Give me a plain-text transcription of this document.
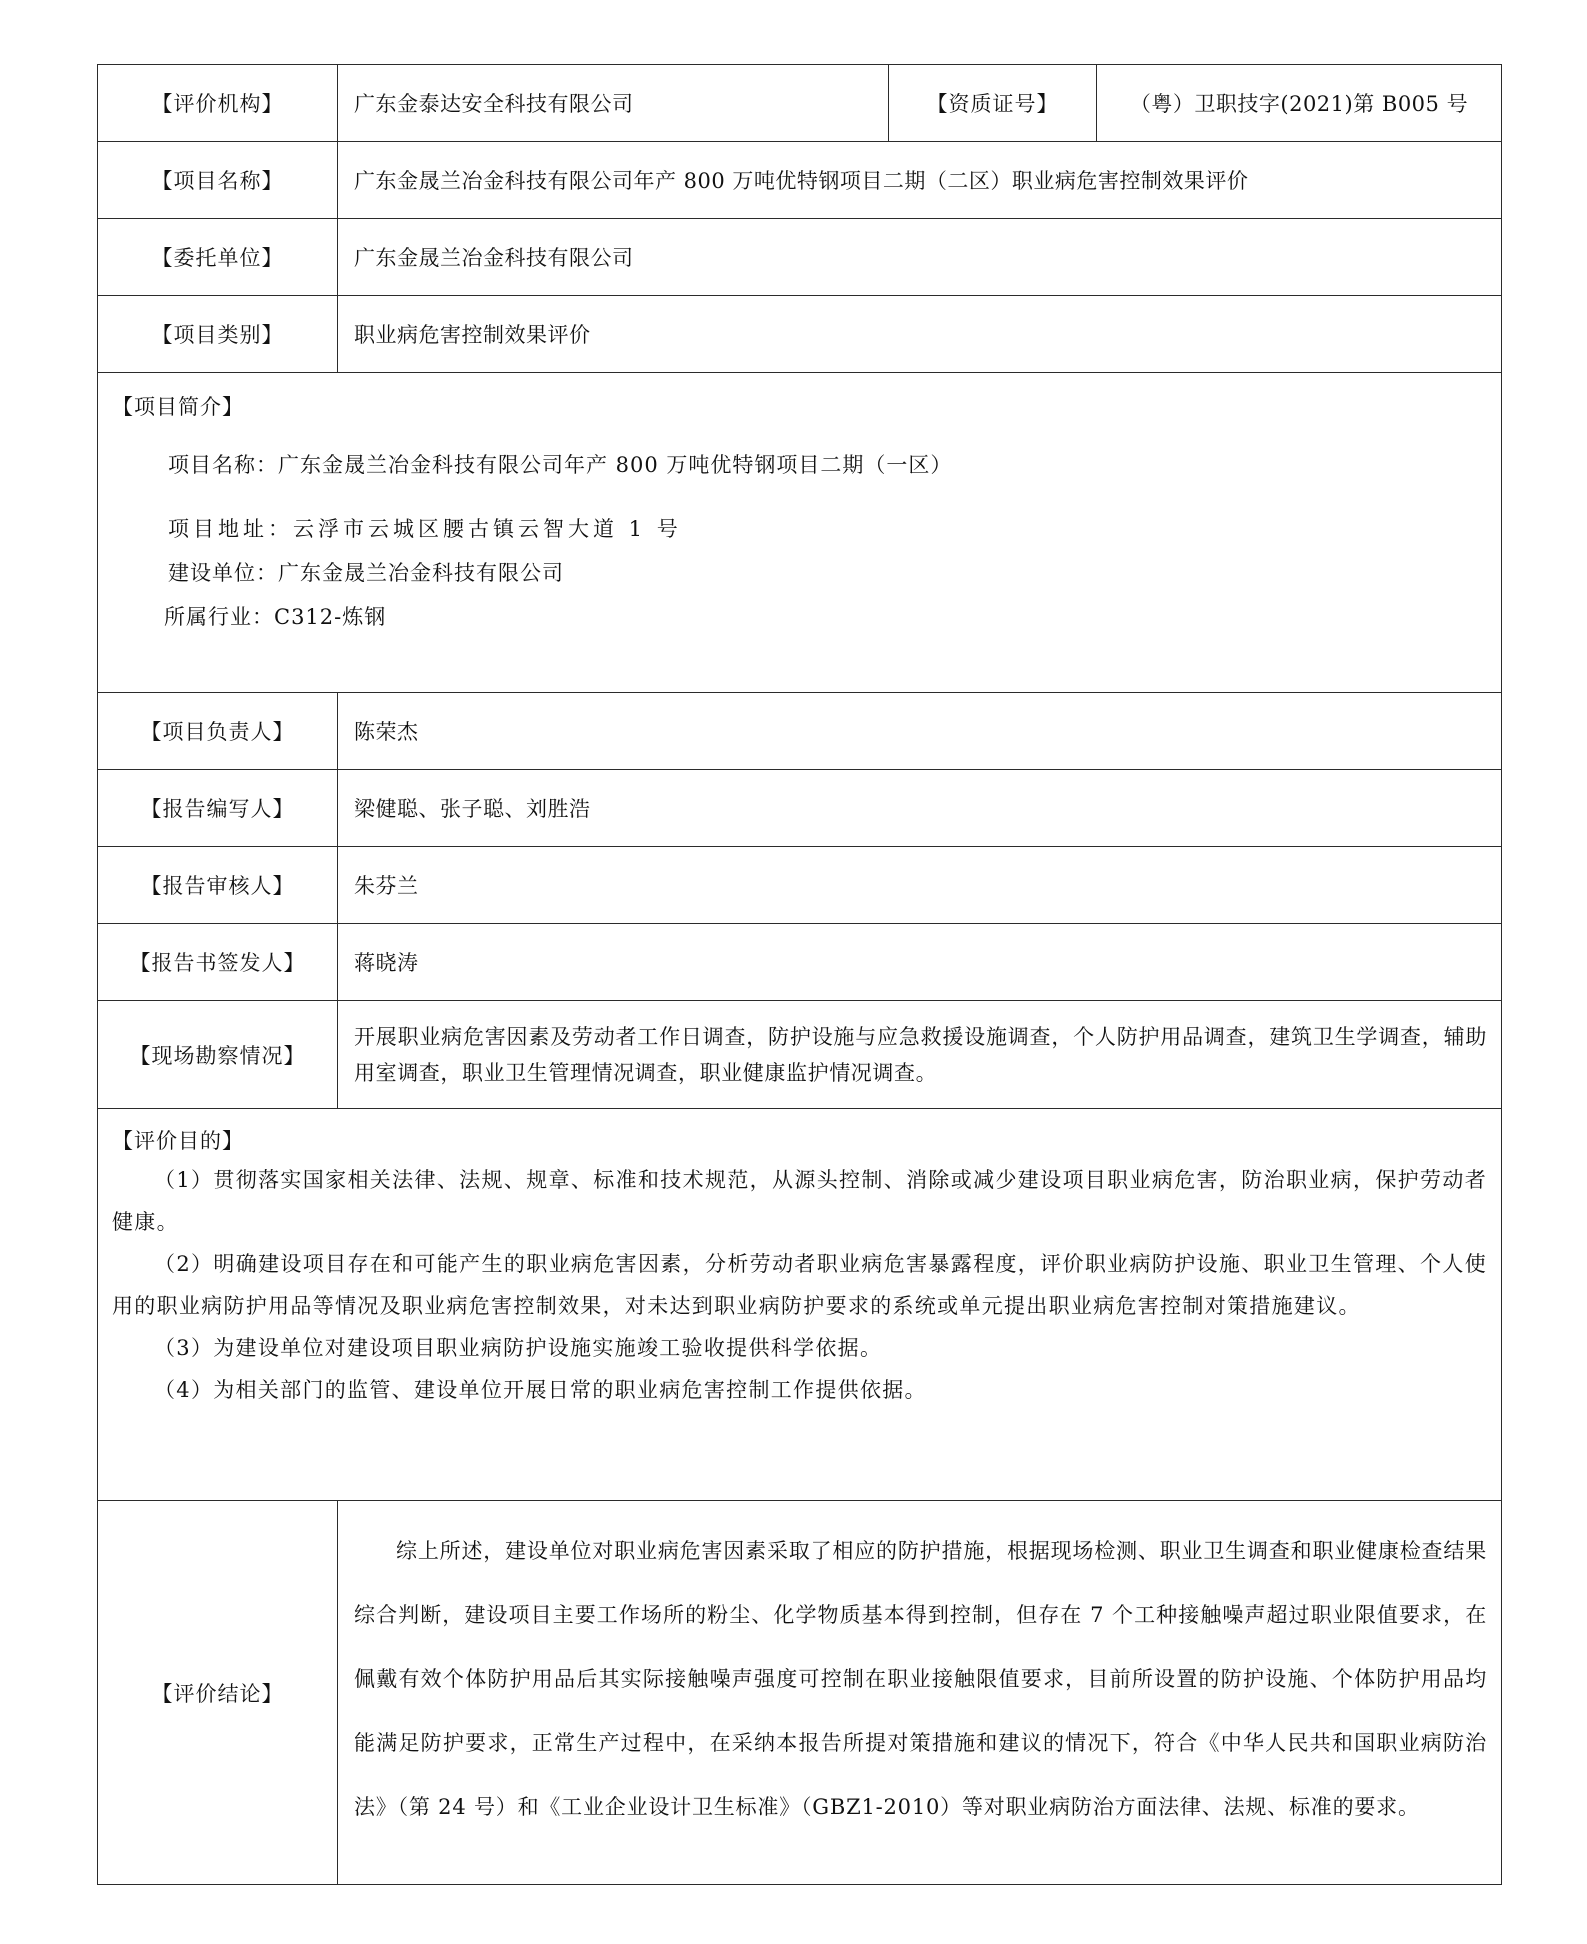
【评价机构】	广东金泰达安全科技有限公司	【资质证号】	（粤）卫职技字(2021)第 B005 号
【项目名称】	广东金晟兰冶金科技有限公司年产 800 万吨优特钢项目二期（二区）职业病危害控制效果评价		
【委托单位】	广东金晟兰冶金科技有限公司		
【项目类别】	职业病危害控制效果评价		

【项目简介】
项目名称：广东金晟兰冶金科技有限公司年产 800 万吨优特钢项目二期（一区）
项目地址：云浮市云城区腰古镇云智大道 1 号
建设单位：广东金晟兰冶金科技有限公司
所属行业：C312-炼钢			

【项目负责人】	陈荣杰		
【报告编写人】	梁健聪、张子聪、刘胜浩		
【报告审核人】	朱芬兰		
【报告书签发人】	蒋晓涛		
【现场勘察情况】	开展职业病危害因素及劳动者工作日调查，防护设施与应急救援设施调查，个人防护用品调查，建筑卫生学调查，辅助用室调查，职业卫生管理情况调查，职业健康监护情况调查。		

【评价目的】

（1）贯彻落实国家相关法律、法规、规章、标准和技术规范，从源头控制、消除或减少建设项目职业病危害，防治职业病，保护劳动者健康。

（2）明确建设项目存在和可能产生的职业病危害因素，分析劳动者职业病危害暴露程度，评价职业病防护设施、职业卫生管理、个人使用的职业病防护用品等情况及职业病危害控制效果，对未达到职业病防护要求的系统或单元提出职业病危害控制对策措施建议。

（3）为建设单位对建设项目职业病防护设施实施竣工验收提供科学依据。

（4）为相关部门的监管、建设单位开展日常的职业病危害控制工作提供依据。			

【评价结论】	综上所述，建设单位对职业病危害因素采取了相应的防护措施，根据现场检测、职业卫生调查和职业健康检查结果综合判断，建设项目主要工作场所的粉尘、化学物质基本得到控制，但存在 7 个工种接触噪声超过职业限值要求，在佩戴有效个体防护用品后其实际接触噪声强度可控制在职业接触限值要求，目前所设置的防护设施、个体防护用品均能满足防护要求，正常生产过程中，在采纳本报告所提对策措施和建议的情况下，符合《中华人民共和国职业病防治法》（第 24 号）和《工业企业设计卫生标准》（GBZ1-2010）等对职业病防治方面法律、法规、标准的要求。		
